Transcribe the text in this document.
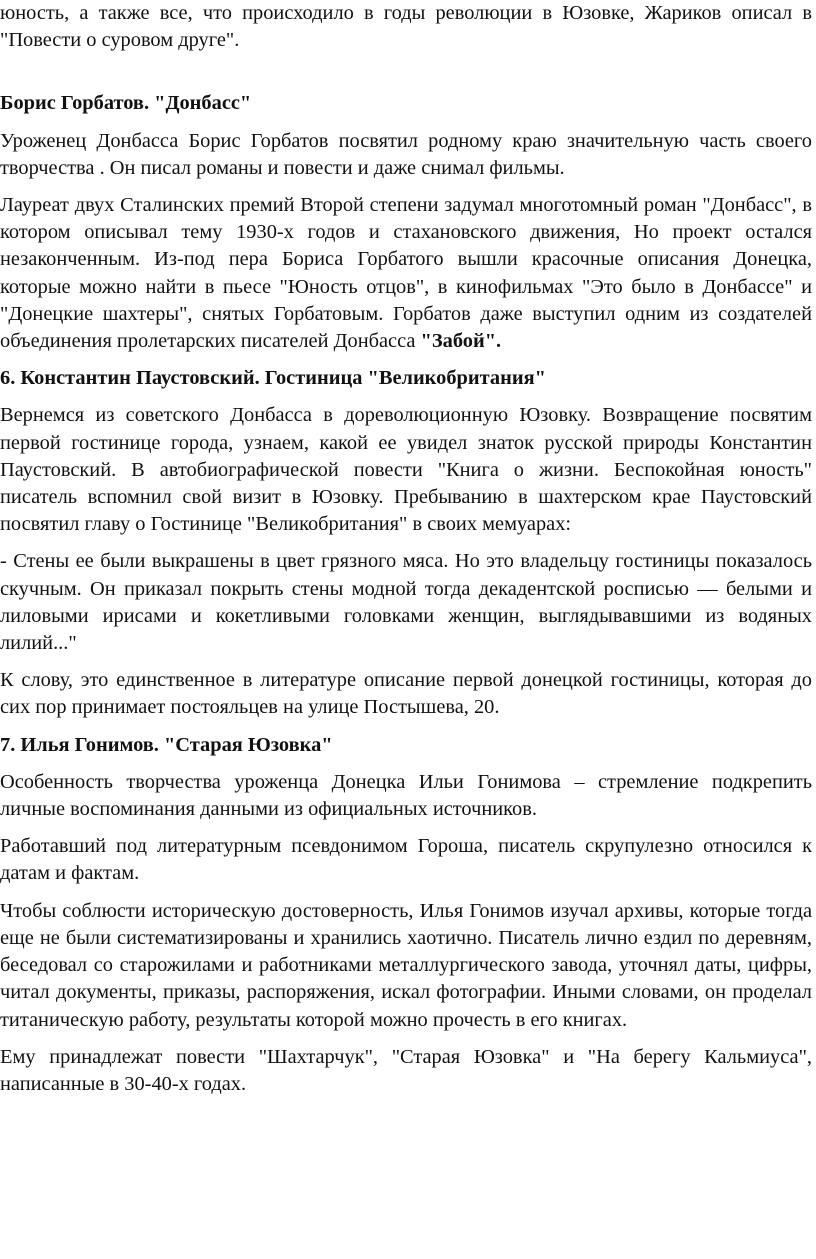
юность, а также все, что происходило в годы революции в Юзовке, Жариков описал в "Повести о суровом друге".

Борис Горбатов. "Донбасс"

Уроженец Донбасса Борис Горбатов посвятил родному краю значительную часть своего творчества . Он писал романы и повести и даже снимал фильмы.

Лауреат двух Сталинских премий Второй степени задумал многотомный роман "Донбасс", в котором описывал тему 1930-х годов и стахановского движения, Но проект остался незаконченным. Из-под пера Бориса Горбатого вышли красочные описания Донецка, которые можно найти в пьесе "Юность отцов", в кинофильмах "Это было в Донбассе" и "Донецкие шахтеры", снятых Горбатовым. Горбатов даже выступил одним из создателей объединения пролетарских писателей Донбасса "Забой".

6. Константин Паустовский. Гостиница "Великобритания"

Вернемся из советского Донбасса в дореволюционную Юзовку. Возвращение посвятим первой гостинице города, узнаем, какой ее увидел знаток русской природы Константин Паустовский. В автобиографической повести "Книга о жизни. Беспокойная юность" писатель вспомнил свой визит в Юзовку. Пребыванию в шахтерском крае Паустовский посвятил главу о Гостинице "Великобритания" в своих мемуарах:

- Стены ее были выкрашены в цвет грязного мяса. Но это владельцу гостиницы показалось скучным. Он приказал покрыть стены модной тогда декадентской росписью — белыми и лиловыми ирисами и кокетливыми головками женщин, выглядывавшими из водяных лилий..."

К слову, это единственное в литературе описание первой донецкой гостиницы, которая до сих пор принимает постояльцев на улице Постышева, 20.

7. Илья Гонимов. "Старая Юзовка"

Особенность творчества уроженца Донецка Ильи Гонимова – стремление подкрепить личные воспоминания данными из официальных источников.

Работавший под литературным псевдонимом Гороша, писатель скрупулезно относился к датам и фактам.

Чтобы соблюсти историческую достоверность, Илья Гонимов изучал архивы, которые тогда еще не были систематизированы и хранились хаотично. Писатель лично ездил по деревням, беседовал со старожилами и работниками металлургического завода, уточнял даты, цифры, читал документы, приказы, распоряжения, искал фотографии. Иными словами, он проделал титаническую работу, результаты которой можно прочесть в его книгах.

Ему принадлежат повести "Шахтарчук", "Старая Юзовка" и "На берегу Кальмиуса", написанные в 30-40-х годах.
